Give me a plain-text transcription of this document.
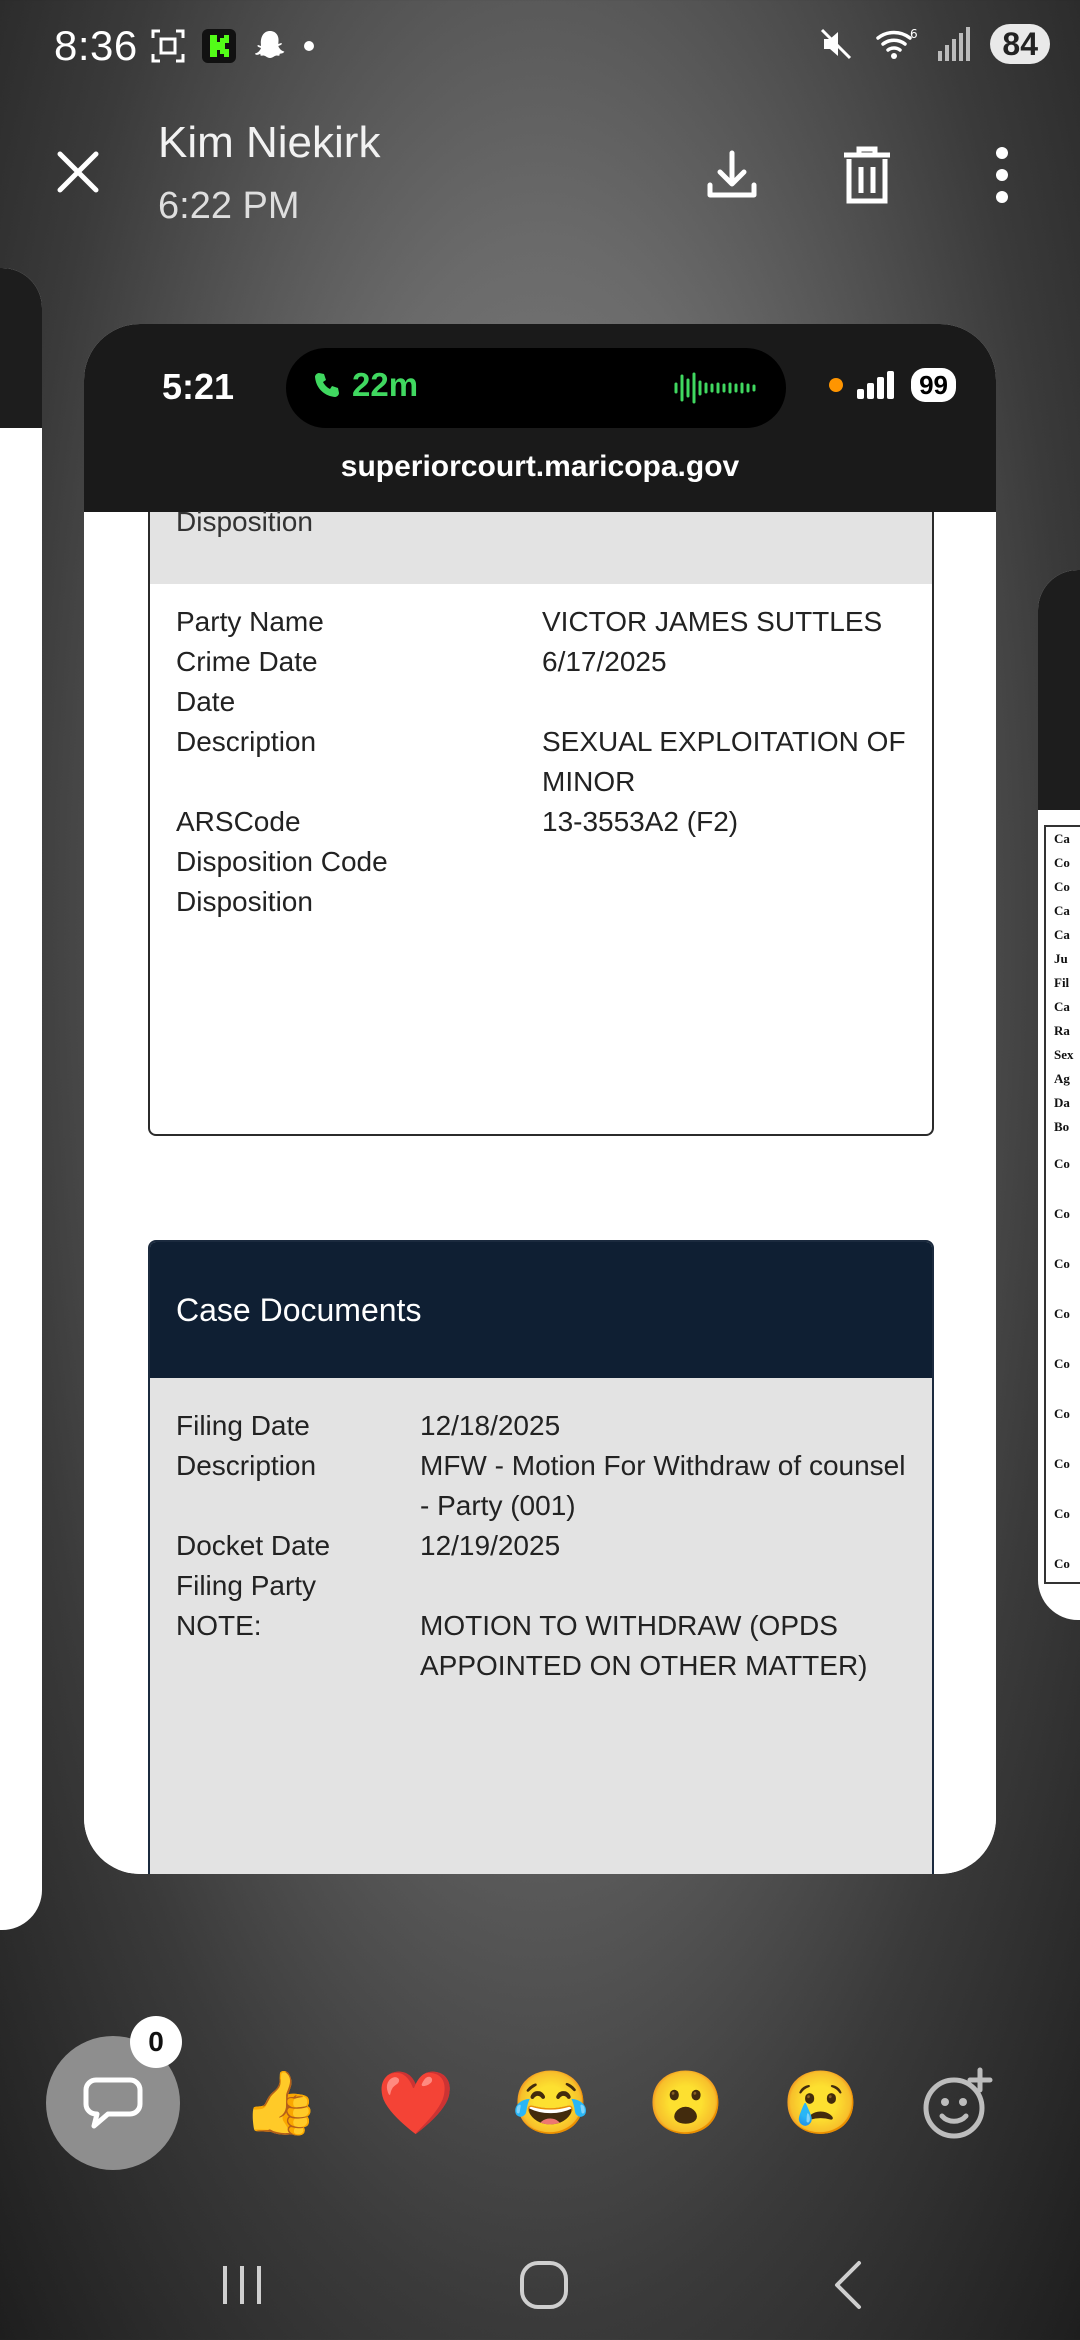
8:36	6	84
Kim Niekirk
6:22 PM
Ca
Co
Co
Ca
Ca
Ju
Fil
Ca
Ra
Sex
Ag
Da
Bo
Co
Co
Co
Co
Co
Co
Co
Co
Co
5:21	22m	99
superiorcourt.maricopa.gov
Disposition
Party Name	VICTOR JAMES SUTTLES
Crime Date	6/17/2025
Date
Description	SEXUAL EXPLOITATION OF
MINOR
ARSCode	13-3553A2 (F2)
Disposition Code
Disposition
Case Documents
Filing Date	12/18/2025
Description	MFW - Motion For Withdraw of counsel
- Party (001)
Docket Date	12/19/2025
Filing Party
NOTE:	MOTION TO WITHDRAW (OPDS
APPOINTED ON OTHER MATTER)
0
👍 ❤️ 😂 😮 😢
